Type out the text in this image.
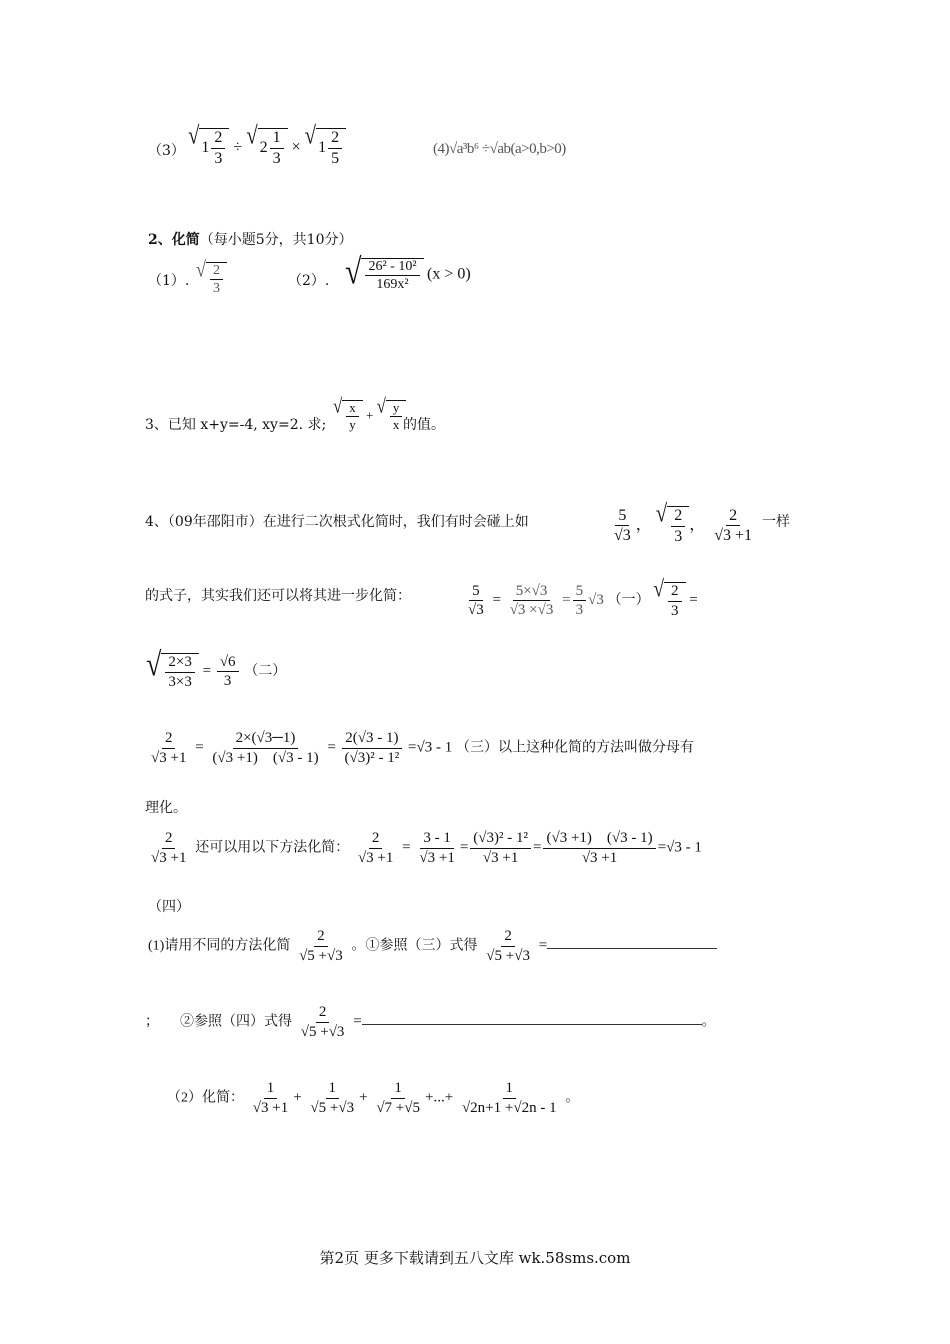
（3）
√ $1 \frac{2}{3}$ ÷ √ $2 \frac{1}{3}$ × √ $1 \frac{2}{5}$	(4)√a³b⁶ ÷√ab(a>0,b>0)
2、化简（每小题5分，共10分）
（1）. √ $\frac{2}{3}$	（2）. √ $\frac{\text{26² - 10²}}{\text{169x²}} (x > 0)$
3、已知 x+y=-4, xy=2. 求;
√ $\frac{x}{y}$ + √ $\frac{y}{x}$ 的值。
4、（09年邵阳市）在进行二次根式化简时，我们有时会碰上如	$\frac{5}{√3}$ ， √ $\frac{2}{3}$ ， $\frac{2}{√3 +1}$ 一样
的式子，其实我们还可以将其进一步化简：	$\frac{5}{√3} = \frac{5\times√3}{√3 \times√3} = \frac{5}{3} √3$ （一） √ $\frac{2}{3}$ =
√ $\frac{2\times 3}{3\times 3} = \frac{√6}{3}$ （二）
$\frac{2}{√3 +1} = \frac{2\times(√3─1)}{(√3 +1) (√3 - 1)} = \frac{2(√3 - 1)}{\text{(√3)² - 1²}} =√3 - 1$ （三）以上这种化简的方法叫做分母有
理化。
$\frac{2}{√3 +1}$ 还可以用以下方法化简： $\frac{2}{√3 +1} = \frac{3 - 1}{√3 +1} = \frac{\text{(√3)² - 1²}}{√3 +1} = \frac{(√3 +1) (√3 - 1)}{√3 +1} =√3 - 1$
（四）
(1)请用不同的方法化简 $\frac{2}{√5 +√3}$ 。①参照（三）式得 $\frac{2}{√5 +√3}$ =
；　　②参照（四）式得 $\frac{2}{√5 +√3}$ =	。
（2）化简： $\frac{1}{√3 +1} + \frac{1}{√5 +√3} + \frac{1}{√7 +√5}$ +...+ $\frac{1}{√2n+1 +√2n - 1}$ 。
第2页 更多下载请到五八文库 wk.58sms.com
